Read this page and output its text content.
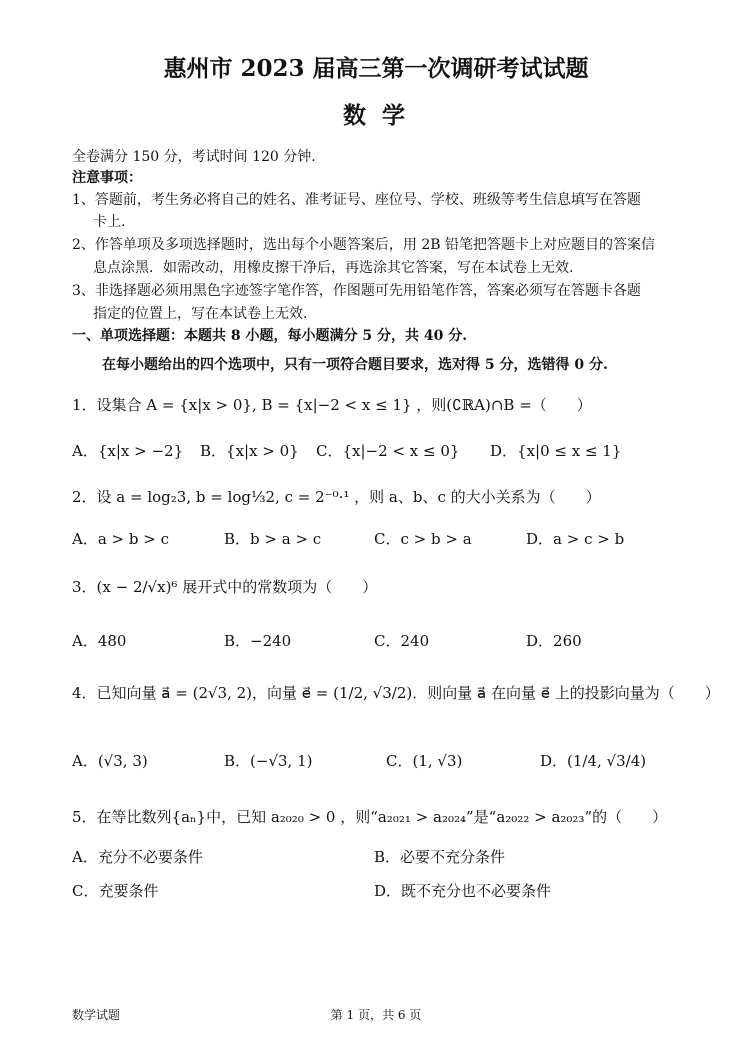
惠州市 2023 届高三第一次调研考试试题
数 学
全卷满分 150 分，考试时间 120 分钟.
注意事项：
1、答题前，考生务必将自己的姓名、准考证号、座位号、学校、班级等考生信息填写在答题
卡上.
2、作答单项及多项选择题时，选出每个小题答案后，用 2B 铅笔把答题卡上对应题目的答案信
息点涂黑．如需改动，用橡皮擦干净后，再选涂其它答案，写在本试卷上无效.
3、非选择题必须用黑色字迹签字笔作答，作图题可先用铅笔作答，答案必须写在答题卡各题
指定的位置上，写在本试卷上无效.
一、单项选择题：本题共 8 小题，每小题满分 5 分，共 40 分.
在每小题给出的四个选项中，只有一项符合题目要求，选对得 5 分，选错得 0 分.
1．设集合 A = {x|x > 0}, B = {x|−2 < x ≤ 1} ，则(∁ℝA)∩B =（　　）
A．{x|x > −2} B．{x|x > 0} C．{x|−2 < x ≤ 0} D．{x|0 ≤ x ≤ 1}
2．设 a = log₂3, b = log⅓2, c = 2⁻⁰·¹ ，则 a、b、c 的大小关系为（　　）
A．a > b > c	B．b > a > c	C．c > b > a	D．a > c > b
3．(x − 2/√x)⁶ 展开式中的常数项为（　　）
A．480	B．−240	C．240	D．260
4．已知向量 a⃗ = (2√3, 2)，向量 e⃗ = (1/2, √3/2)．则向量 a⃗ 在向量 e⃗ 上的投影向量为（　　）
A．(√3, 3)	B．(−√3, 1)	C．(1, √3)	D．(1/4, √3/4)
5．在等比数列{aₙ}中，已知 a₂₀₂₀ > 0 ，则“a₂₀₂₁ > a₂₀₂₄”是“a₂₀₂₂ > a₂₀₂₃”的（　　）
A．充分不必要条件	B．必要不充分条件
C．充要条件	D．既不充分也不必要条件
数学试题	第 1 页，共 6 页
